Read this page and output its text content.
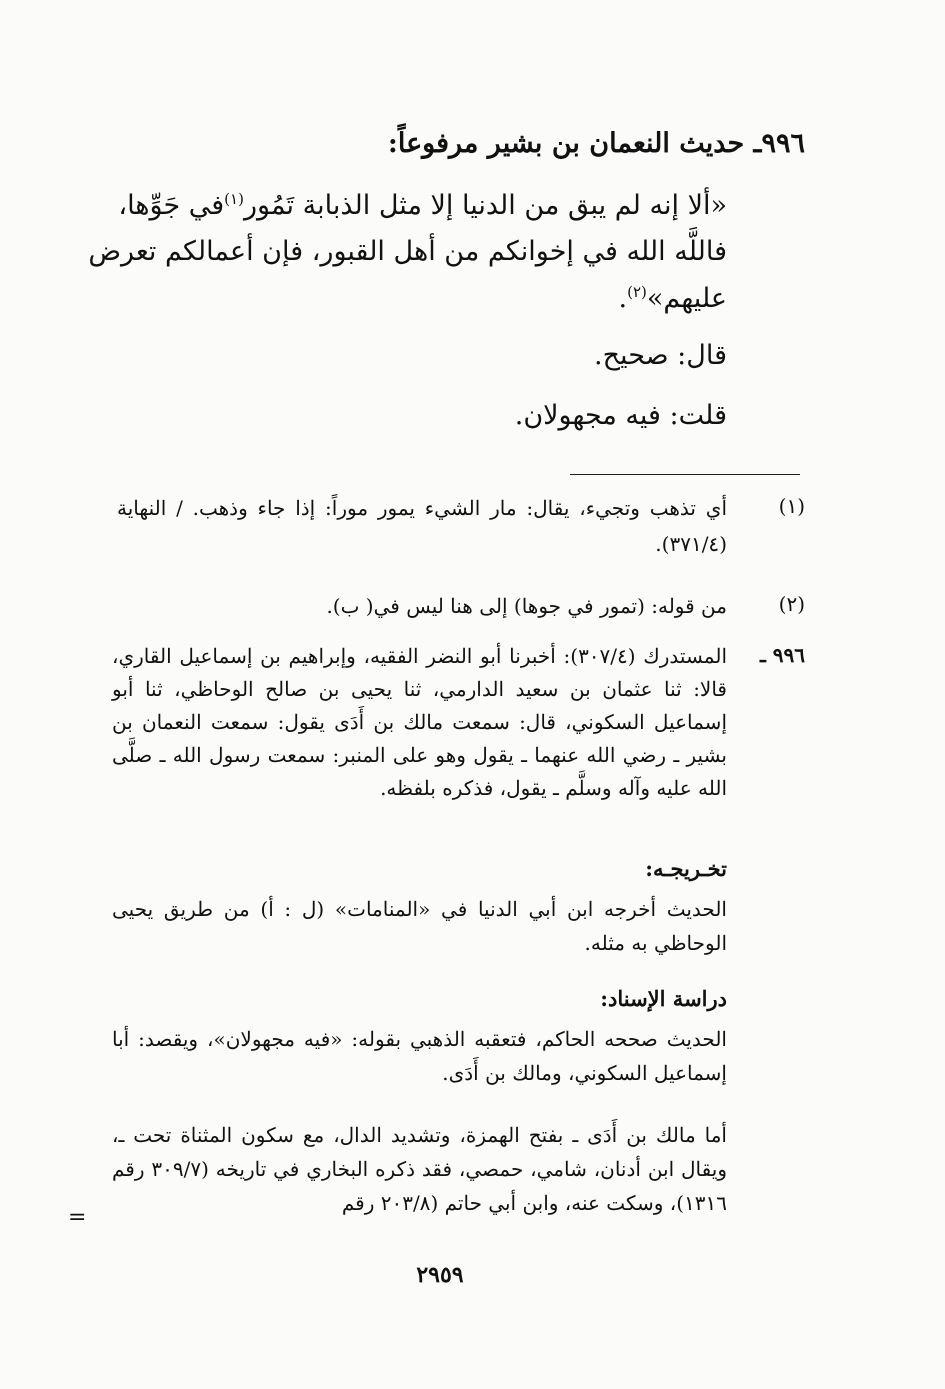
٩٩٦ـ حديث النعمان بن بشير مرفوعاً:
«ألا إنه لم يبق من الدنيا إلا مثل الذبابة تَمُور$^{(١)}$في جَوِّها،
فاللَّه الله في إخوانكم من أهل القبور، فإن أعمالكم تعرض
عليهم»$^{(٢)}$.
قال: صحيح.
قلت: فيه مجهولان.
(١)
أي تذهب وتجيء، يقال: مار الشيء يمور موراً: إذا جاء وذهب. / النهاية (٣٧١/٤).
(٢)
من قوله: (تمور في جوها) إلى هنا ليس في( ب).
٩٩٦ ـ
المستدرك (٣٠٧/٤): أخبرنا أبو النضر الفقيه، وإبراهيم بن إسماعيل القاري، قالا: ثنا عثمان بن سعيد الدارمي، ثنا يحيى بن صالح الوحاظي، ثنا أبو إسماعيل السكوني، قال: سمعت مالك بن أَدَى يقول: سمعت النعمان بن بشير ـ رضي الله عنهما ـ يقول وهو على المنبر: سمعت رسول الله ـ صلَّى الله عليه وآله وسلَّم ـ يقول، فذكره بلفظه.
تخـريجـه:
الحديث أخرجه ابن أبي الدنيا في «المنامات» (ل : أ) من طريق يحيى الوحاظي به مثله.
دراسة الإسناد:
الحديث صححه الحاكم، فتعقبه الذهبي بقوله: «فيه مجهولان»، ويقصد: أبا إسماعيل السكوني، ومالك بن أَدَى.
أما مالك بن أَدَى ـ بفتح الهمزة، وتشديد الدال، مع سكون المثناة تحت ـ، ويقال ابن أدنان، شامي، حمصي، فقد ذكره البخاري في تاريخه (٣٠٩/٧ رقم ١٣١٦)، وسكت عنه، وابن أبي حاتم (٢٠٣/٨ رقم
=
٢٩٥٩
